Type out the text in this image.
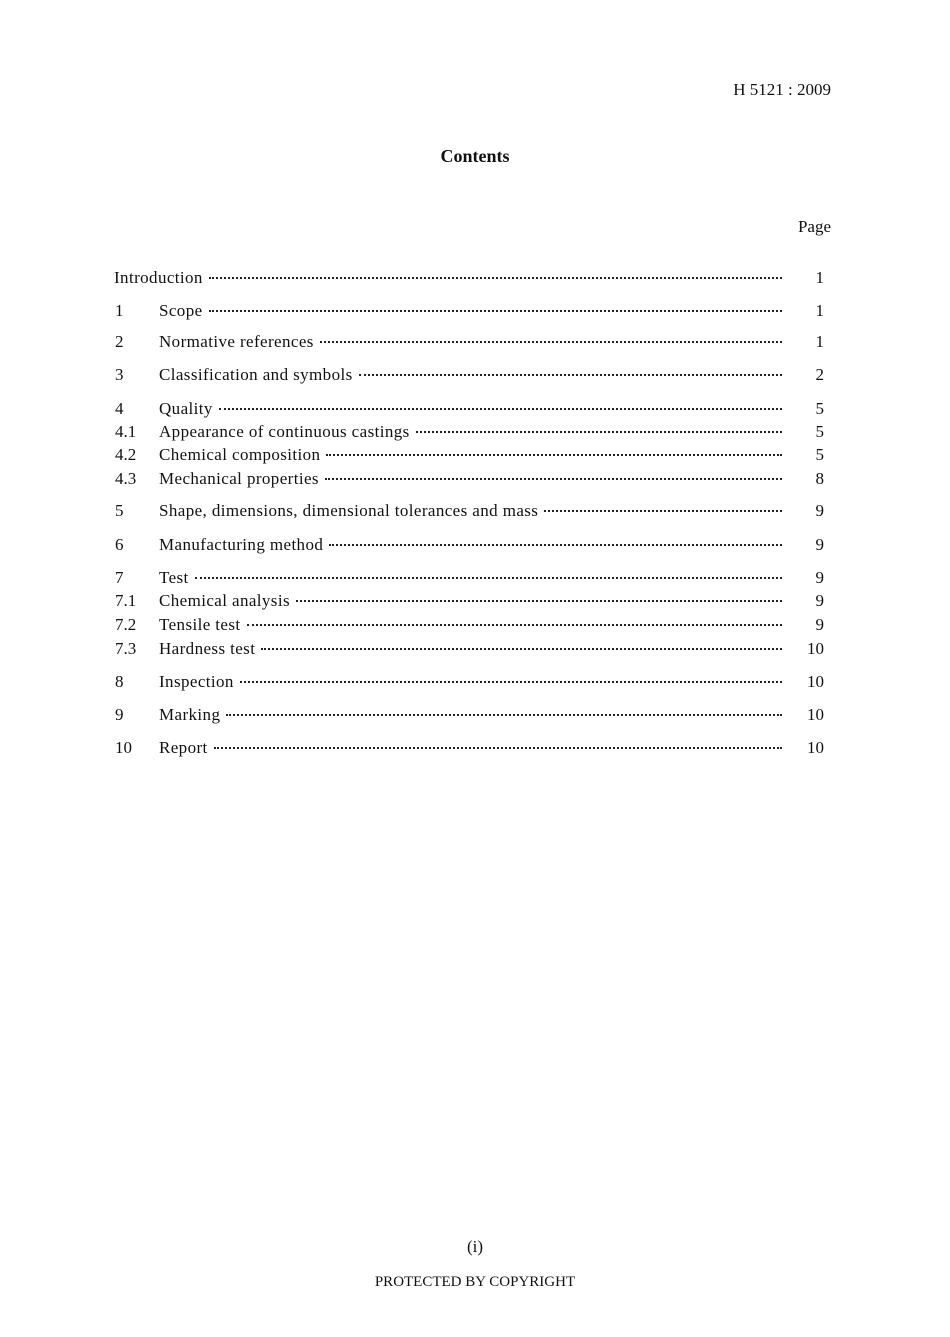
H 5121 : 2009
Contents
Page
Introduction	1
1	Scope	1
2	Normative references	1
3	Classification and symbols	2
4	Quality	5
4.1	Appearance of continuous castings	5
4.2	Chemical composition	5
4.3	Mechanical properties	8
5	Shape, dimensions, dimensional tolerances and mass	9
6	Manufacturing method	9
7	Test	9
7.1	Chemical analysis	9
7.2	Tensile test	9
7.3	Hardness test	10
8	Inspection	10
9	Marking	10
10	Report	10
(i)
PROTECTED BY COPYRIGHT
